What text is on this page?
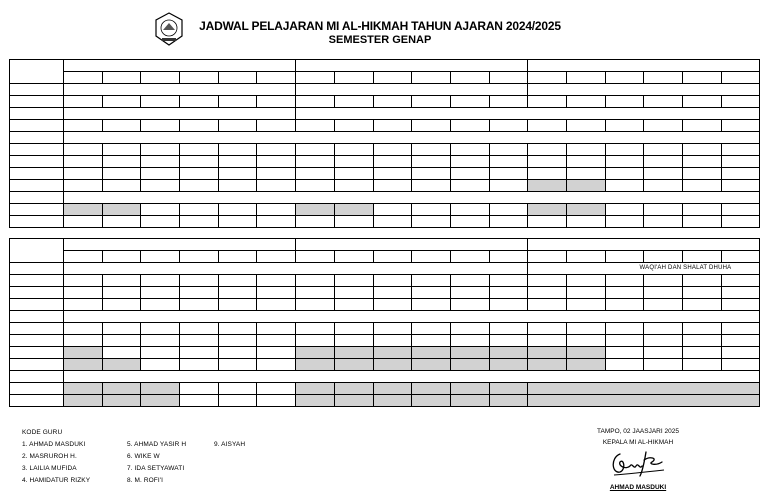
JADWAL PELAJARAN MI AL-HIKMAH TAHUN AJARAN 2024/2025
SEMESTER GENAP

													WAQI'AH DAN SHALAT DHUHA					

KODE GURU
1. AHMAD MASDUKI
2. MASRUROH H.
3. LAILIA MUFIDA
4. HAMIDATUR RIZKY
5. AHMAD YASIR H
6. WIKE W
7. IDA SETYAWATI
8. M. ROFI'I
9. AISYAH
TAMPO, 02 JAASJARI 2025
KEPALA MI AL-HIKMAH
AHMAD MASDUKI
